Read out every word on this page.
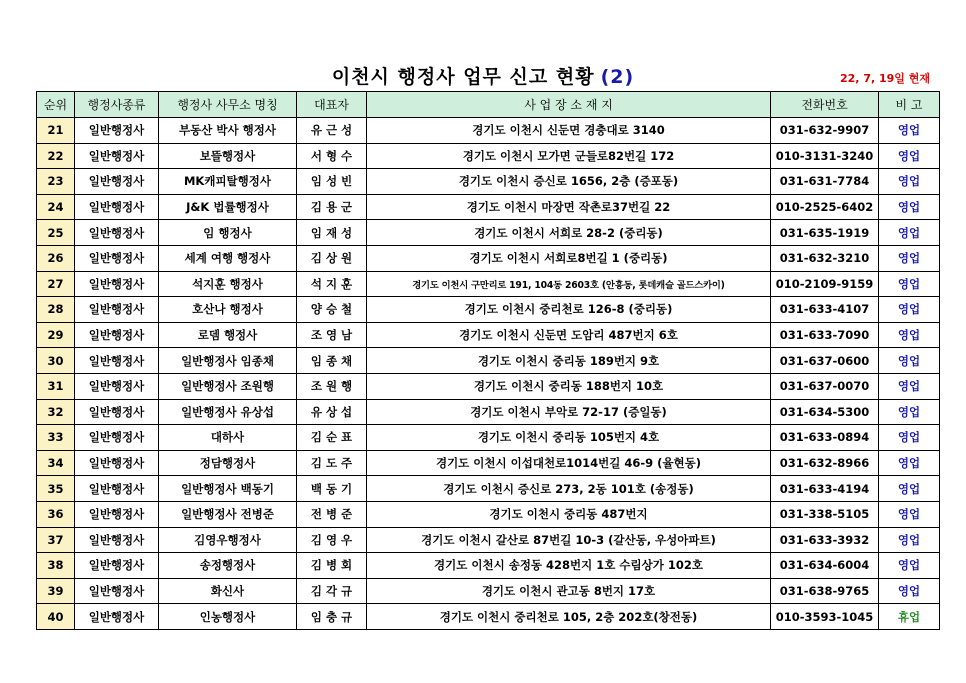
이천시 행정사 업무 신고 현황 (2)	22, 7, 19일 현재
순위	행정사종류	행정사 사무소 명칭	대표자	사 업 장 소 재 지	전화번호	비 고
21	일반행정사	부동산 박사 행정사	유 근 성	경기도 이천시 신둔면 경충대로 3140	031-632-9907	영업
22	일반행정사	보뜰행정사	서 형 수	경기도 이천시 모가면 군들로82번길 172	010-3131-3240	영업
23	일반행정사	MK캐피탈행정사	임 성 빈	경기도 이천시 증신로 1656, 2층 (증포동)	031-631-7784	영업
24	일반행정사	J&K 법률행정사	김 용 군	경기도 이천시 마장면 작촌로37번길 22	010-2525-6402	영업
25	일반행정사	임 행정사	임 재 성	경기도 이천시 서희로 28-2 (중리동)	031-635-1919	영업
26	일반행정사	세계 여행 행정사	김 상 원	경기도 이천시 서희로8번길 1 (중리동)	031-632-3210	영업
27	일반행정사	석지훈 행정사	석 지 훈	경기도 이천시 구만리로 191, 104동 2603호 (안흥동, 롯데캐슬 골드스카이)	010-2109-9159	영업
28	일반행정사	호산나 행정사	양 승 철	경기도 이천시 중리천로 126-8 (중리동)	031-633-4107	영업
29	일반행정사	로뎀 행정사	조 영 남	경기도 이천시 신둔면 도암리 487번지 6호	031-633-7090	영업
30	일반행정사	일반행정사 임종채	임 종 채	경기도 이천시 중리동 189번지 9호	031-637-0600	영업
31	일반행정사	일반행정사 조원행	조 원 행	경기도 이천시 중리동 188번지 10호	031-637-0070	영업
32	일반행정사	일반행정사 유상섭	유 상 섭	경기도 이천시 부악로 72-17 (증일동)	031-634-5300	영업
33	일반행정사	대하사	김 순 표	경기도 이천시 중리동 105번지 4호	031-633-0894	영업
34	일반행정사	정담행정사	김 도 주	경기도 이천시 이섭대천로1014번길 46-9 (율현동)	031-632-8966	영업
35	일반행정사	일반행정사 백동기	백 동 기	경기도 이천시 증신로 273, 2동 101호 (송정동)	031-633-4194	영업
36	일반행정사	일반행정사 전병준	전 병 준	경기도 이천시 중리동 487번지	031-338-5105	영업
37	일반행정사	김영우행정사	김 영 우	경기도 이천시 갈산로 87번길 10-3 (갈산동, 우성아파트)	031-633-3932	영업
38	일반행정사	송정행정사	김 병 회	경기도 이천시 송정동 428번지 1호 수림상가 102호	031-634-6004	영업
39	일반행정사	화신사	김 각 규	경기도 이천시 관고동 8번지 17호	031-638-9765	영업
40	일반행정사	인농행정사	임 충 규	경기도 이천시 중리천로 105, 2층 202호(창전동)	010-3593-1045	휴업
